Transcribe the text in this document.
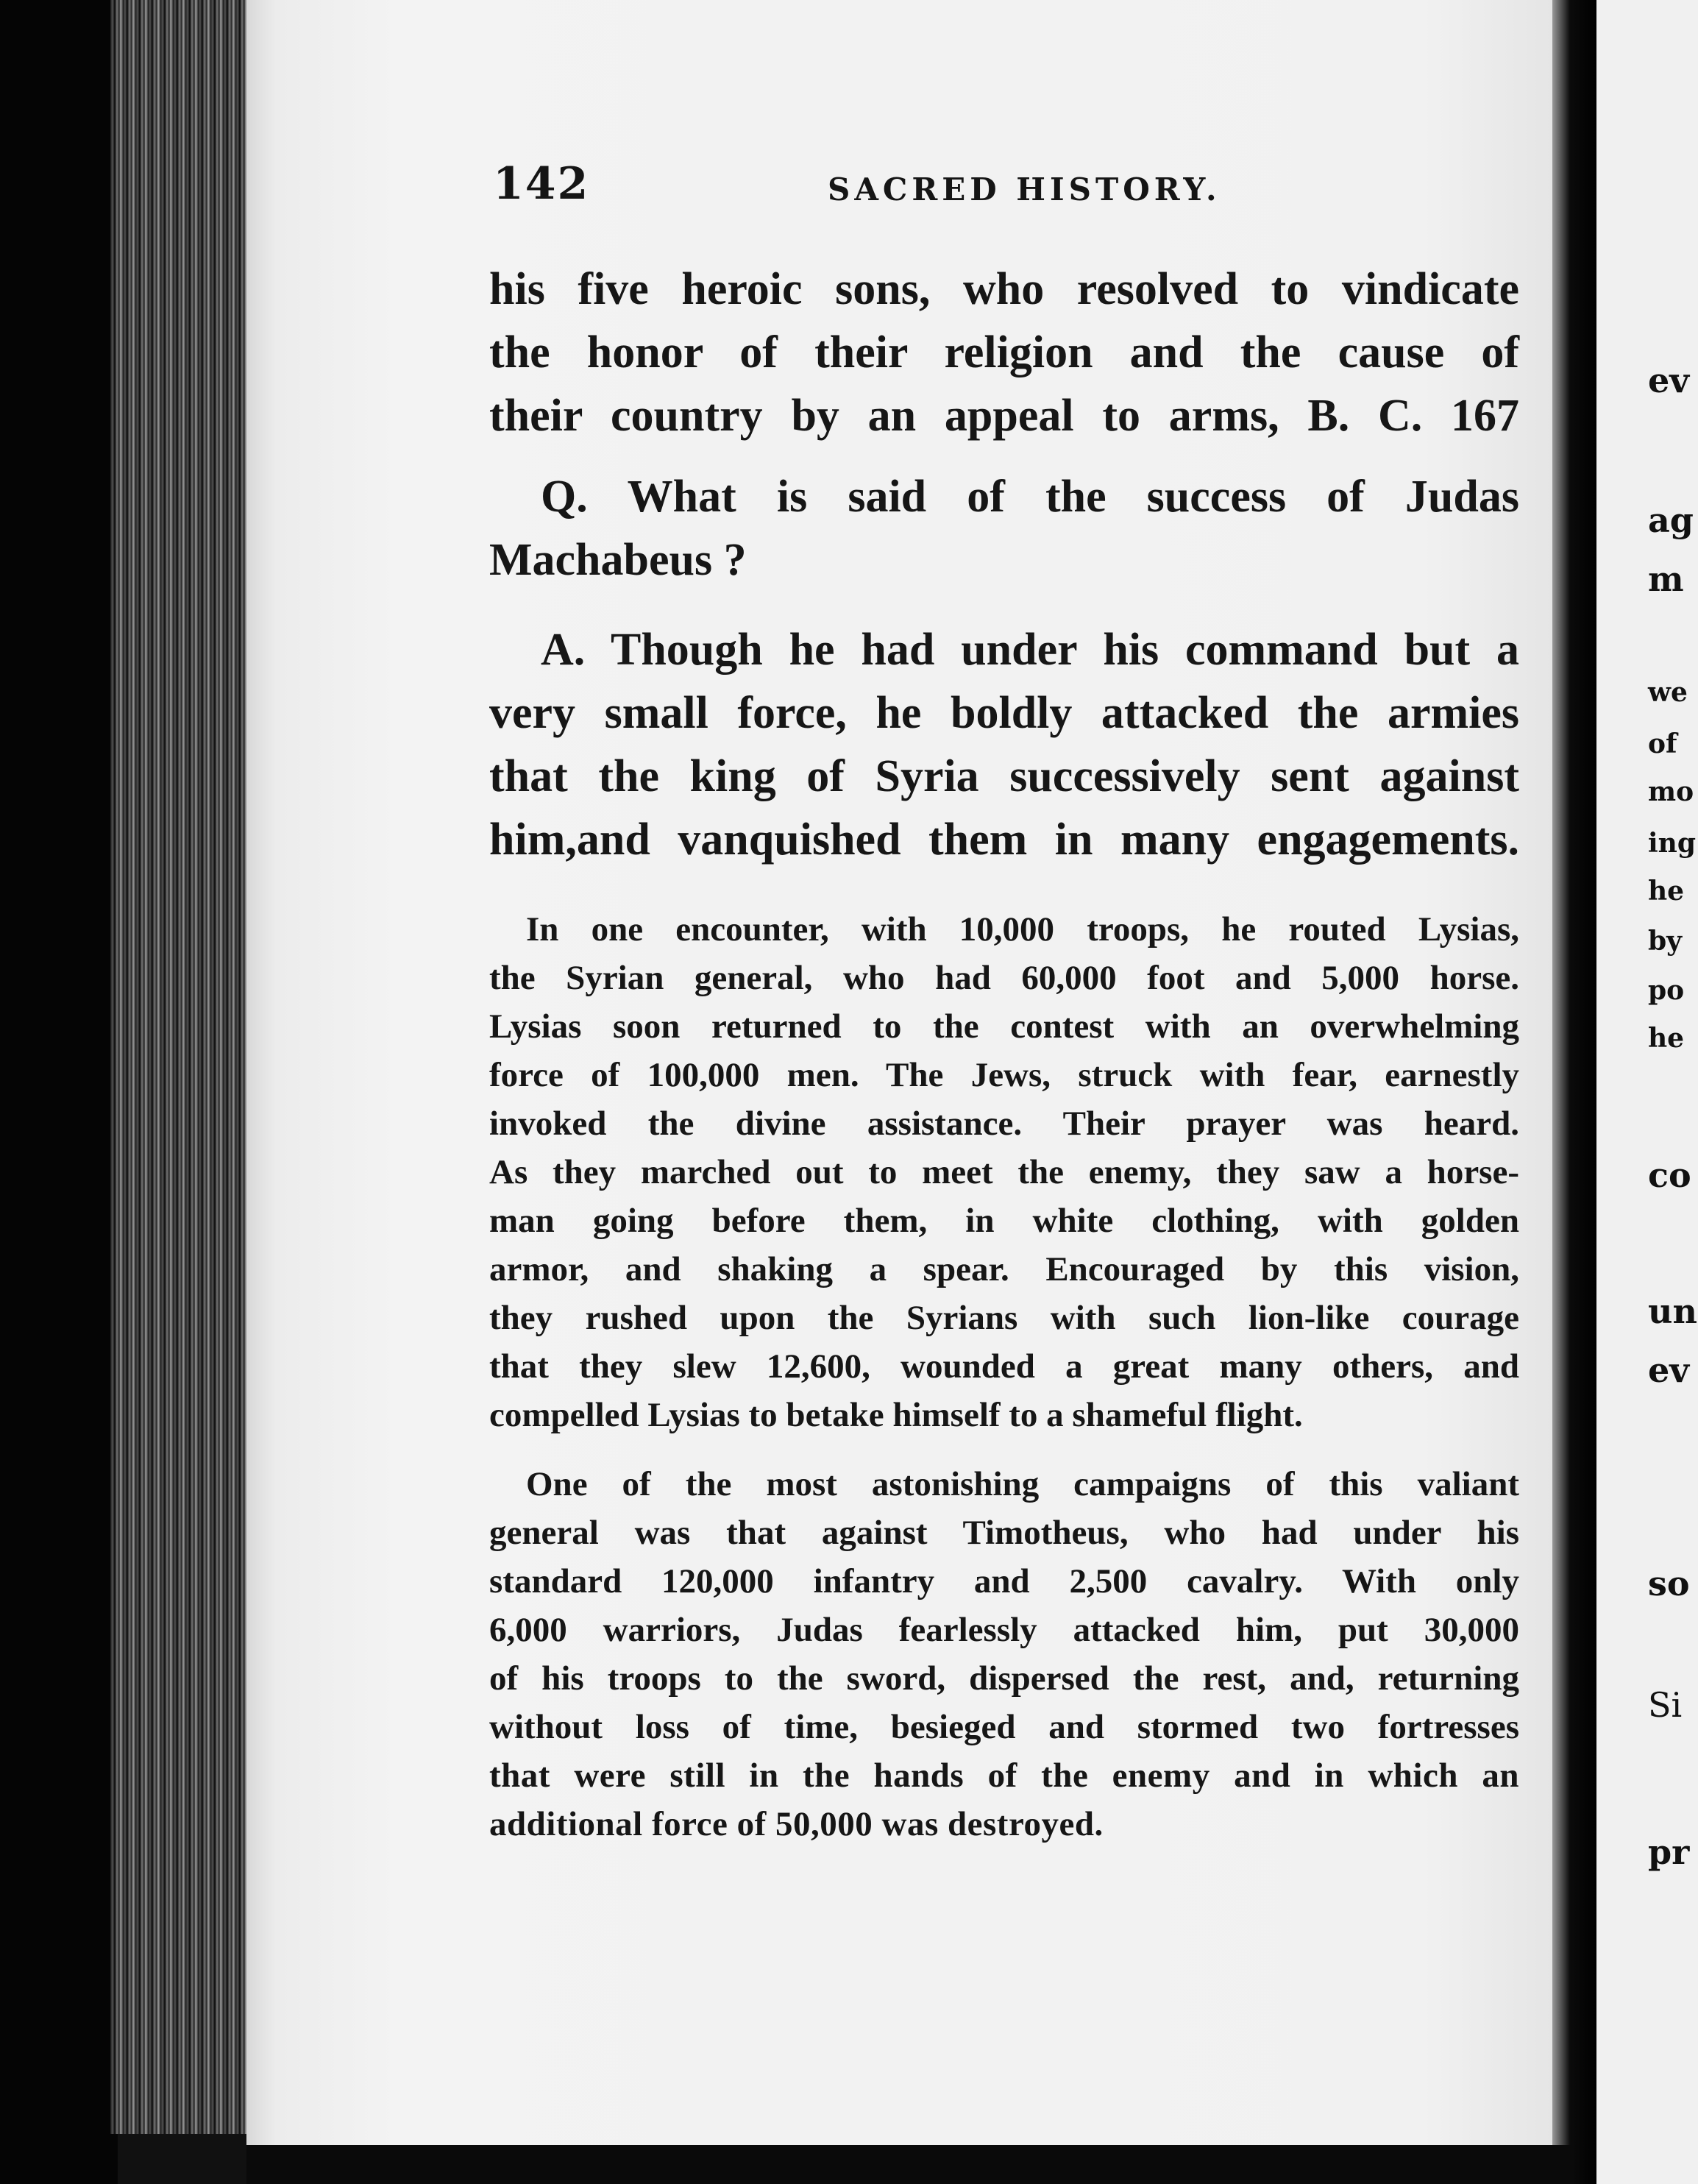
ev
ag
m
we
of
mo
ing
he
by
po
he
co
un
ev
so
Si
pr
142	SACRED HISTORY.

his five heroic sons, who resolved to vindicate
the honor of their religion and the cause of
their country by an appeal to arms, B. C. 167

Q. What is said of the success of Judas
Machabeus ?

A. Though he had under his command but a
very small force, he boldly attacked the armies
that the king of Syria successively sent against
him,and vanquished them in many engagements.

In one encounter, with 10,000 troops, he routed Lysias,
the Syrian general, who had 60,000 foot and 5,000 horse.
Lysias soon returned to the contest with an overwhelming
force of 100,000 men. The Jews, struck with fear, earnestly
invoked the divine assistance. Their prayer was heard.
As they marched out to meet the enemy, they saw a horse-
man going before them, in white clothing, with golden
armor, and shaking a spear. Encouraged by this vision,
they rushed upon the Syrians with such lion-like courage
that they slew 12,600, wounded a great many others, and
compelled Lysias to betake himself to a shameful flight.

One of the most astonishing campaigns of this valiant
general was that against Timotheus, who had under his
standard 120,000 infantry and 2,500 cavalry. With only
6,000 warriors, Judas fearlessly attacked him, put 30,000
of his troops to the sword, dispersed the rest, and, returning
without loss of time, besieged and stormed two fortresses
that were still in the hands of the enemy and in which an
additional force of 50,000 was destroyed.
